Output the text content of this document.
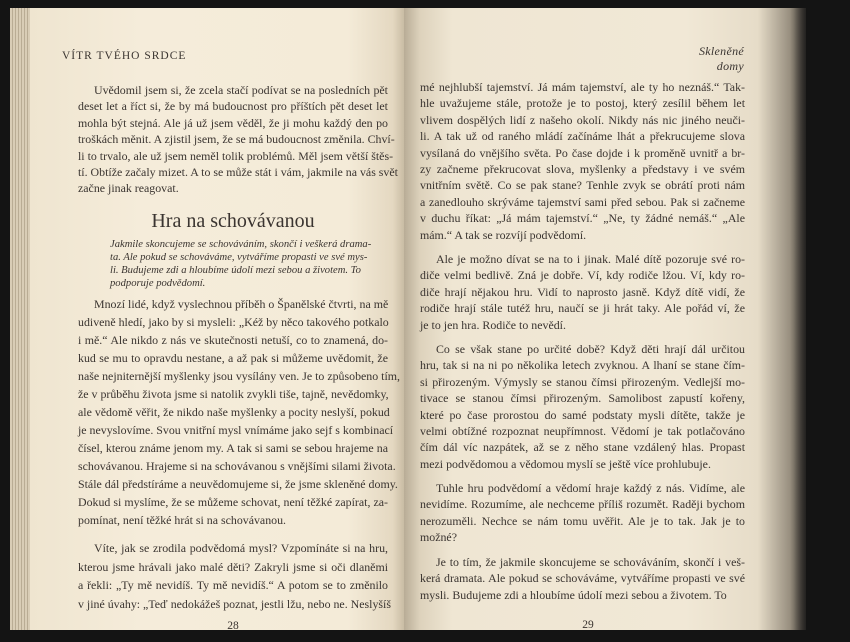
VÍTR TVÉHO SRDCE
Uvědomil jsem si, že zcela stačí podívat se na posledních pět
deset let a říct si, že by má budoucnost pro příštích pět deset let
mohla být stejná. Ale já už jsem věděl, že ji mohu každý den po
troškách měnit. A zjistil jsem, že se má budoucnost změnila. Chví-
li to trvalo, ale už jsem neměl tolik problémů. Měl jsem větší štěs-
tí. Obtíže začaly mizet. A to se může stát i vám, jakmile na vás svět
začne jinak reagovat.
Hra na schovávanou
Jakmile skoncujeme se schováváním, skončí i veškerá drama-
ta. Ale pokud se schováváme, vytváříme propasti ve své mys-
li. Budujeme zdi a hloubíme údolí mezi sebou a životem. To
podporuje podvědomí.
Mnozí lidé, když vyslechnou příběh o Španělské čtvrti, na mě
udiveně hledí, jako by si mysleli: „Kéž by něco takového potkalo
i mě.“ Ale nikdo z nás ve skutečnosti netuší, co to znamená, do-
kud se mu to opravdu nestane, a až pak si můžeme uvědomit, že
naše nejniternější myšlenky jsou vysílány ven. Je to způsobeno tím,
že v průběhu života jsme si natolik zvykli tiše, tajně, nevědomky,
ale vědomě věřit, že nikdo naše myšlenky a pocity neslyší, pokud
je nevyslovíme. Svou vnitřní mysl vnímáme jako sejf s kombinací
čísel, kterou známe jenom my. A tak si sami se sebou hrajeme na
schovávanou. Hrajeme si na schovávanou s vnějšími silami života.
Stále dál předstíráme a neuvědomujeme si, že jsme skleněné domy.
Dokud si myslíme, že se můžeme schovat, není těžké zapírat, za-
pomínat, není těžké hrát si na schovávanou.
Víte, jak se zrodila podvědomá mysl? Vzpomínáte si na hru,
kterou jsme hrávali jako malé děti? Zakryli jsme si oči dlaněmi
a řekli: „Ty mě nevidíš. Ty mě nevidíš.“ A potom se to změnilo
v jiné úvahy: „Teď nedokážeš poznat, jestli lžu, nebo ne. Neslyšíš
28
Skleněné domy
mé nejhlubší tajemství. Já mám tajemství, ale ty ho neznáš.“ Tak-
hle uvažujeme stále, protože je to postoj, který zesílil během let
vlivem dospělých lidí z našeho okolí. Nikdy nás nic jiného neuči-
li. A tak už od raného mládí začínáme lhát a překrucujeme slova
vysílaná do vnějšího světa. Po čase dojde i k proměně uvnitř a br-
zy začneme překrucovat slova, myšlenky a představy i ve svém
vnitřním světě. Co se pak stane? Tenhle zvyk se obrátí proti nám
a zanedlouho skrýváme tajemství sami před sebou. Pak si začneme
v duchu říkat: „Já mám tajemství.“ „Ne, ty žádné nemáš.“ „Ale
mám.“ A tak se rozvíjí podvědomí.
Ale je možno dívat se na to i jinak. Malé dítě pozoruje své ro-
diče velmi bedlivě. Zná je dobře. Ví, kdy rodiče lžou. Ví, kdy ro-
diče hrají nějakou hru. Vidí to naprosto jasně. Když dítě vidí, že
rodiče hrají stále tutéž hru, naučí se ji hrát taky. Ale pořád ví, že
je to jen hra. Rodiče to nevědí.
Co se však stane po určité době? Když děti hrají dál určitou
hru, tak si na ni po několika letech zvyknou. A lhaní se stane čím-
si přirozeným. Výmysly se stanou čímsi přirozeným. Vedlejší mo-
tivace se stanou čímsi přirozeným. Samolibost zapustí kořeny,
které po čase prorostou do samé podstaty mysli dítěte, takže je
velmi obtížné rozpoznat neupřímnost. Vědomí je tak potlačováno
čím dál víc nazpátek, až se z něho stane vzdálený hlas. Propast
mezi podvědomou a vědomou myslí se ještě více prohlubuje.
Tuhle hru podvědomí a vědomí hraje každý z nás. Vidíme, ale
nevidíme. Rozumíme, ale nechceme příliš rozumět. Raději bychom
nerozuměli. Nechce se nám tomu uvěřit. Ale je to tak. Jak je to
možné?
Je to tím, že jakmile skoncujeme se schováváním, skončí i veš-
kerá dramata. Ale pokud se schováváme, vytváříme propasti ve své
mysli. Budujeme zdi a hloubíme údolí mezi sebou a životem. To
29
